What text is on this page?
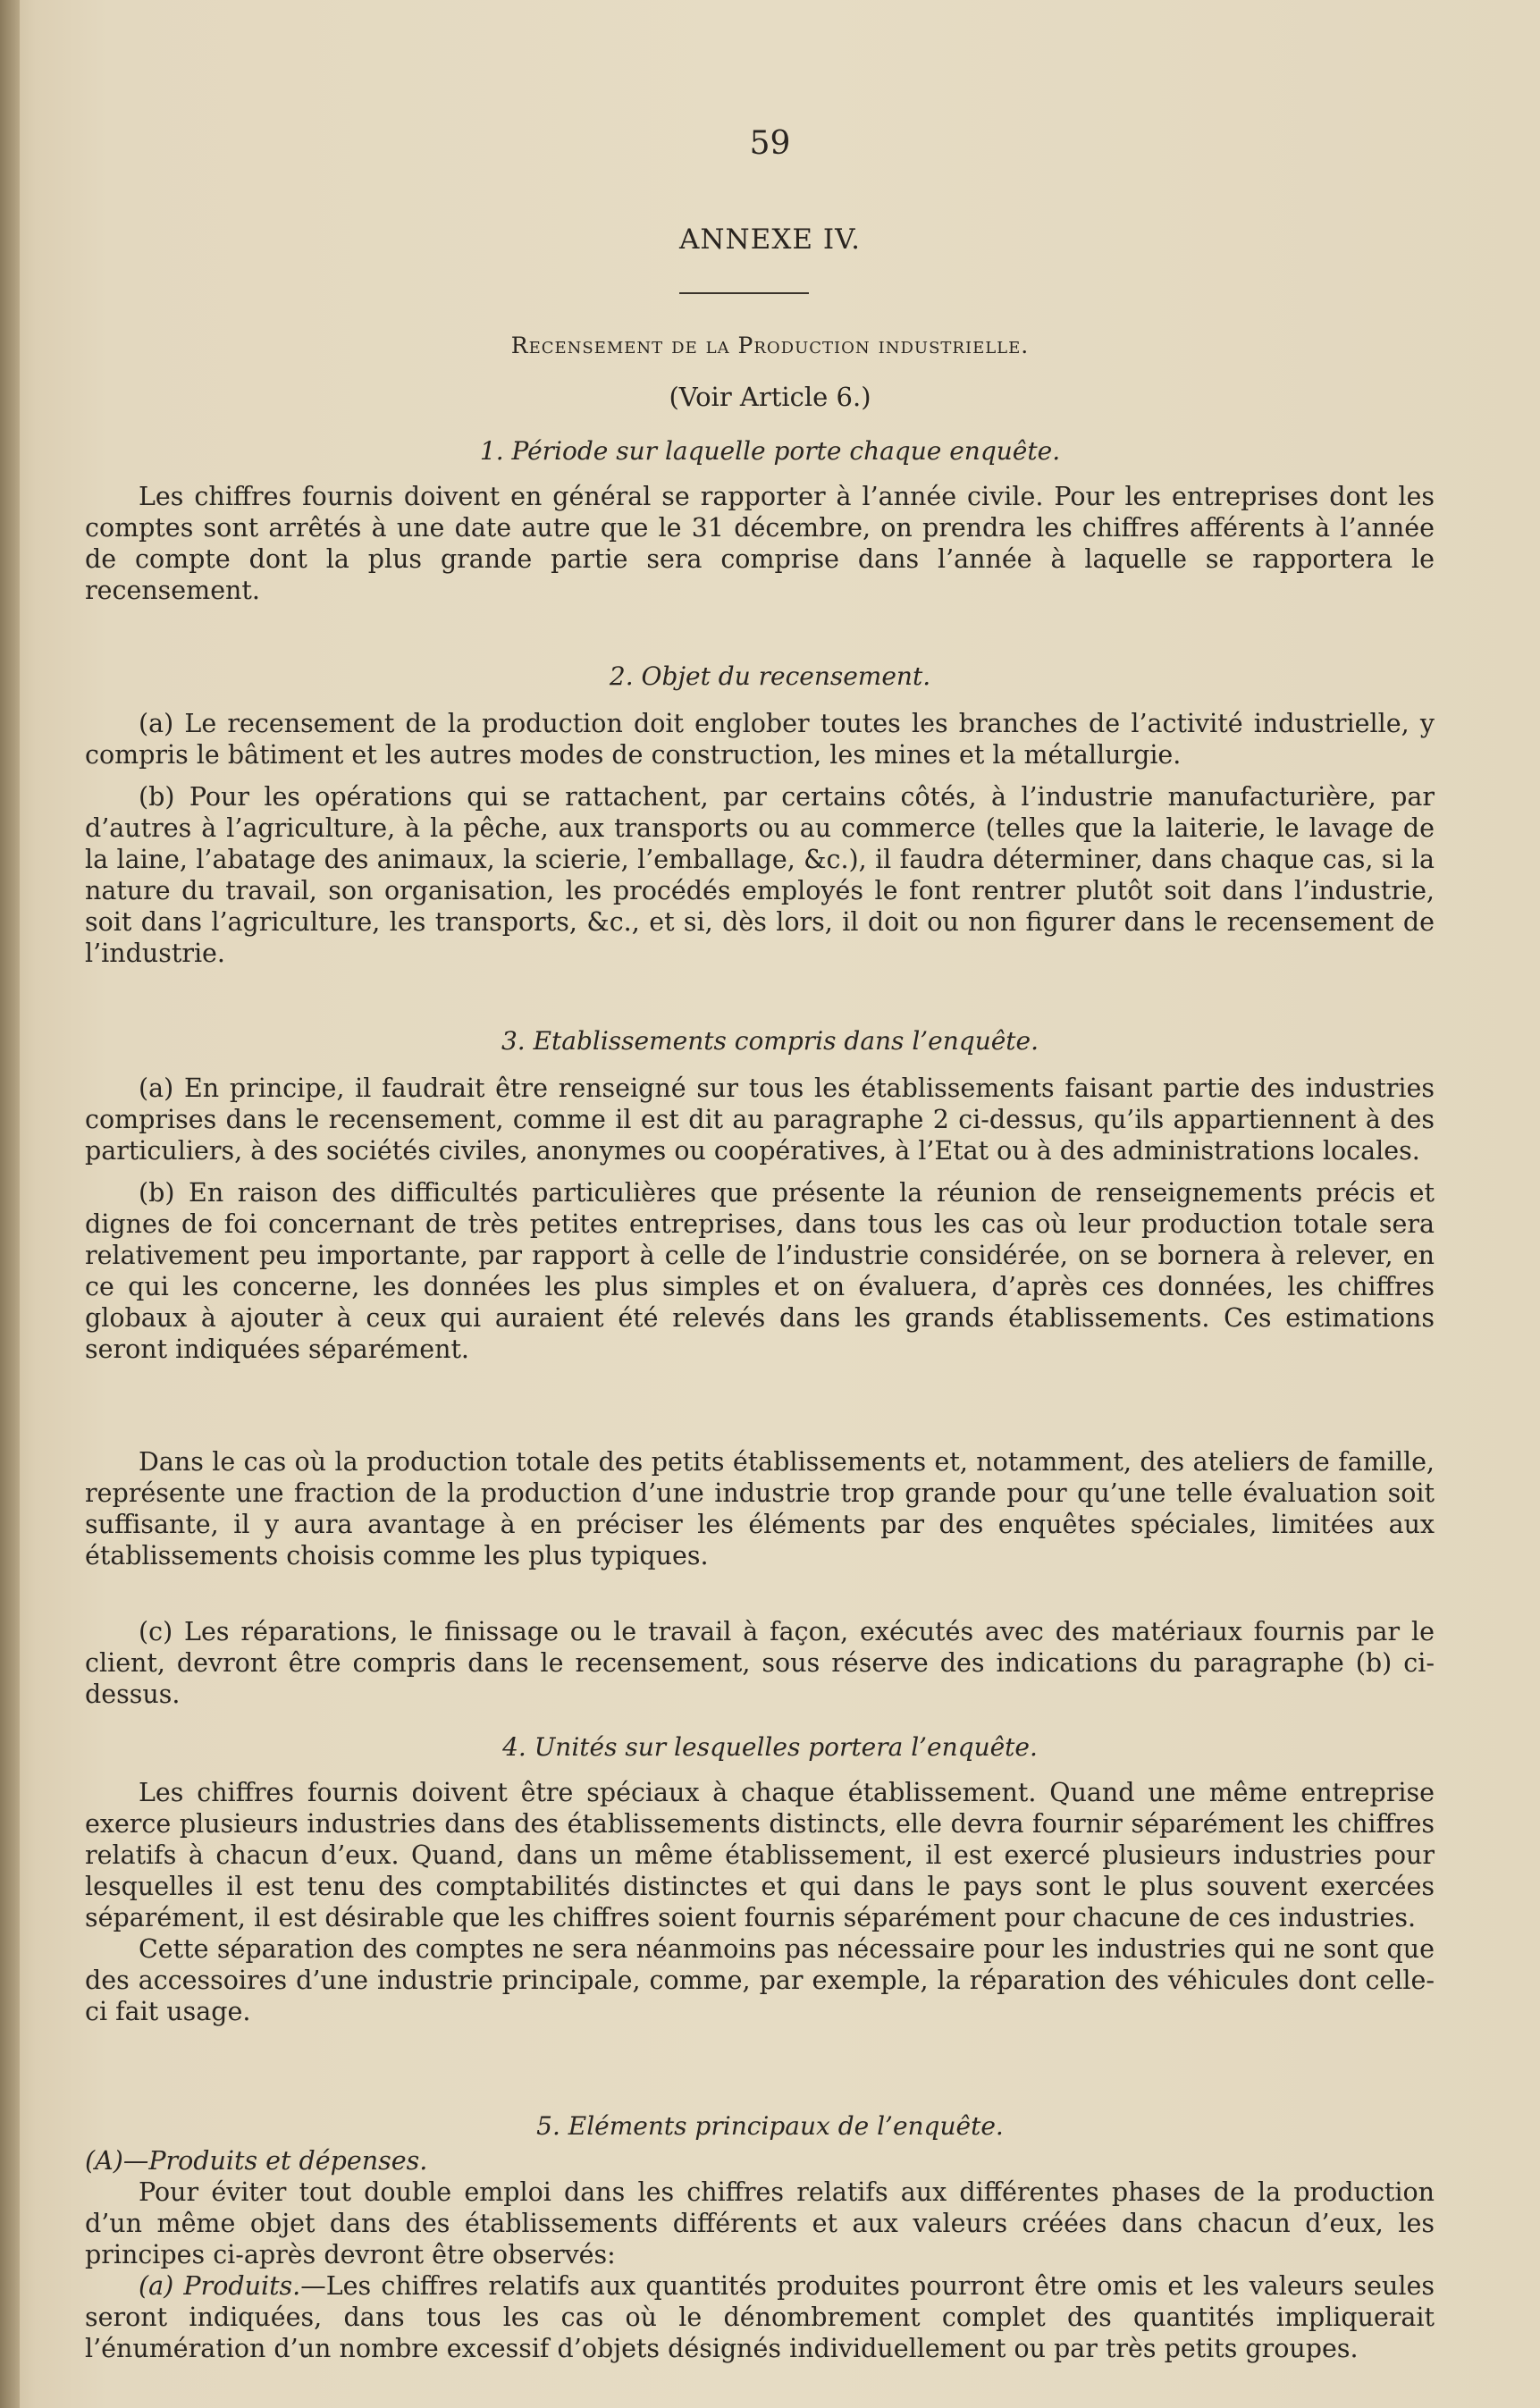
59
ANNEXE IV.
Recensement de la Production industrielle.
(Voir Article 6.)
1. Période sur laquelle porte chaque enquête.

Les chiffres fournis doivent en général se rapporter à l’année civile. Pour les entreprises dont les comptes sont arrêtés à une date autre que le 31 décembre, on prendra les chiffres afférents à l’année de compte dont la plus grande partie sera comprise dans l’année à laquelle se rapportera le recensement.

2. Objet du recensement.

(a) Le recensement de la production doit englober toutes les branches de l’activité industrielle, y compris le bâtiment et les autres modes de construction, les mines et la métallurgie.

(b) Pour les opérations qui se rattachent, par certains côtés, à l’industrie manufacturière, par d’autres à l’agriculture, à la pêche, aux transports ou au commerce (telles que la laiterie, le lavage de la laine, l’abatage des animaux, la scierie, l’emballage, &c.), il faudra déterminer, dans chaque cas, si la nature du travail, son organisation, les procédés employés le font rentrer plutôt soit dans l’industrie, soit dans l’agriculture, les transports, &c., et si, dès lors, il doit ou non figurer dans le recensement de l’industrie.

3. Etablissements compris dans l’enquête.

(a) En principe, il faudrait être renseigné sur tous les établissements faisant partie des industries comprises dans le recensement, comme il est dit au paragraphe 2 ci-dessus, qu’ils appartiennent à des particuliers, à des sociétés civiles, anonymes ou coopératives, à l’Etat ou à des administrations locales.

(b) En raison des difficultés particulières que présente la réunion de renseignements précis et dignes de foi concernant de très petites entreprises, dans tous les cas où leur production totale sera relativement peu importante, par rapport à celle de l’industrie considérée, on se bornera à relever, en ce qui les concerne, les données les plus simples et on évaluera, d’après ces données, les chiffres globaux à ajouter à ceux qui auraient été relevés dans les grands établissements. Ces estimations seront indiquées séparément.

Dans le cas où la production totale des petits établissements et, notamment, des ateliers de famille, représente une fraction de la production d’une industrie trop grande pour qu’une telle évaluation soit suffisante, il y aura avantage à en préciser les éléments par des enquêtes spéciales, limitées aux établissements choisis comme les plus typiques.

(c) Les réparations, le finissage ou le travail à façon, exécutés avec des matériaux fournis par le client, devront être compris dans le recensement, sous réserve des indications du paragraphe (b) ci-dessus.

4. Unités sur lesquelles portera l’enquête.

Les chiffres fournis doivent être spéciaux à chaque établissement. Quand une même entreprise exerce plusieurs industries dans des établissements distincts, elle devra fournir séparément les chiffres relatifs à chacun d’eux. Quand, dans un même établissement, il est exercé plusieurs industries pour lesquelles il est tenu des comptabilités distinctes et qui dans le pays sont le plus souvent exercées séparément, il est désirable que les chiffres soient fournis séparément pour chacune de ces industries.

Cette séparation des comptes ne sera néanmoins pas nécessaire pour les industries qui ne sont que des accessoires d’une industrie principale, comme, par exemple, la réparation des véhicules dont celle-ci fait usage.

5. Eléments principaux de l’enquête.

(A)—Produits et dépenses.

Pour éviter tout double emploi dans les chiffres relatifs aux différentes phases de la production d’un même objet dans des établissements différents et aux valeurs créées dans chacun d’eux, les principes ci-après devront être observés:

(a) Produits.—Les chiffres relatifs aux quantités produites pourront être omis et les valeurs seules seront indiquées, dans tous les cas où le dénombrement complet des quantités impliquerait l’énumération d’un nombre excessif d’objets désignés individuellement ou par très petits groupes.
